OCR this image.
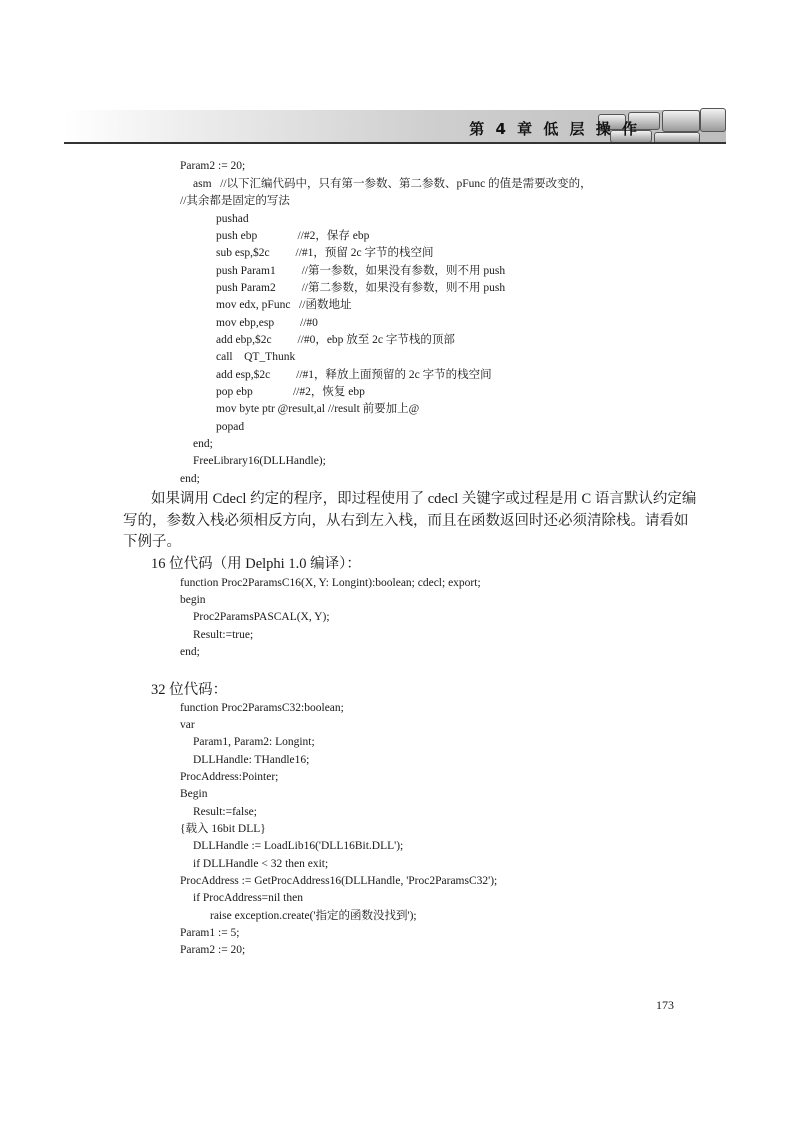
第 4 章 低 层 操 作
Param2 := 20;
asm   //以下汇编代码中，只有第一参数、第二参数、pFunc 的值是需要改变的，
//其余都是固定的写法
pushad
push ebp              //#2，保存 ebp
sub esp,$2c         //#1，预留 2c 字节的栈空间
push Param1         //第一参数，如果没有参数，则不用 push
push Param2         //第二参数，如果没有参数，则不用 push
mov edx, pFunc   //函数地址
mov ebp,esp         //#0
add ebp,$2c         //#0，ebp 放至 2c 字节栈的顶部
call    QT_Thunk
add esp,$2c         //#1，释放上面预留的 2c 字节的栈空间
pop ebp              //#2，恢复 ebp
mov byte ptr @result,al //result 前要加上@
popad
end;
FreeLibrary16(DLLHandle);
end;
如果调用 Cdecl 约定的程序，即过程使用了 cdecl 关键字或过程是用 C 语言默认约定编
写的，参数入栈必须相反方向，从右到左入栈，而且在函数返回时还必须清除栈。请看如
下例子。
16 位代码（用 Delphi 1.0 编译）：
function Proc2ParamsC16(X, Y: Longint):boolean; cdecl; export;
begin
Proc2ParamsPASCAL(X, Y);
Result:=true;
end;
32 位代码：
function Proc2ParamsC32:boolean;
var
Param1, Param2: Longint;
DLLHandle: THandle16;
ProcAddress:Pointer;
Begin
Result:=false;
{载入 16bit DLL}
DLLHandle := LoadLib16('DLL16Bit.DLL');
if DLLHandle < 32 then exit;
ProcAddress := GetProcAddress16(DLLHandle, 'Proc2ParamsC32');
if ProcAddress=nil then
raise exception.create('指定的函数没找到');
Param1 := 5;
Param2 := 20;
173
